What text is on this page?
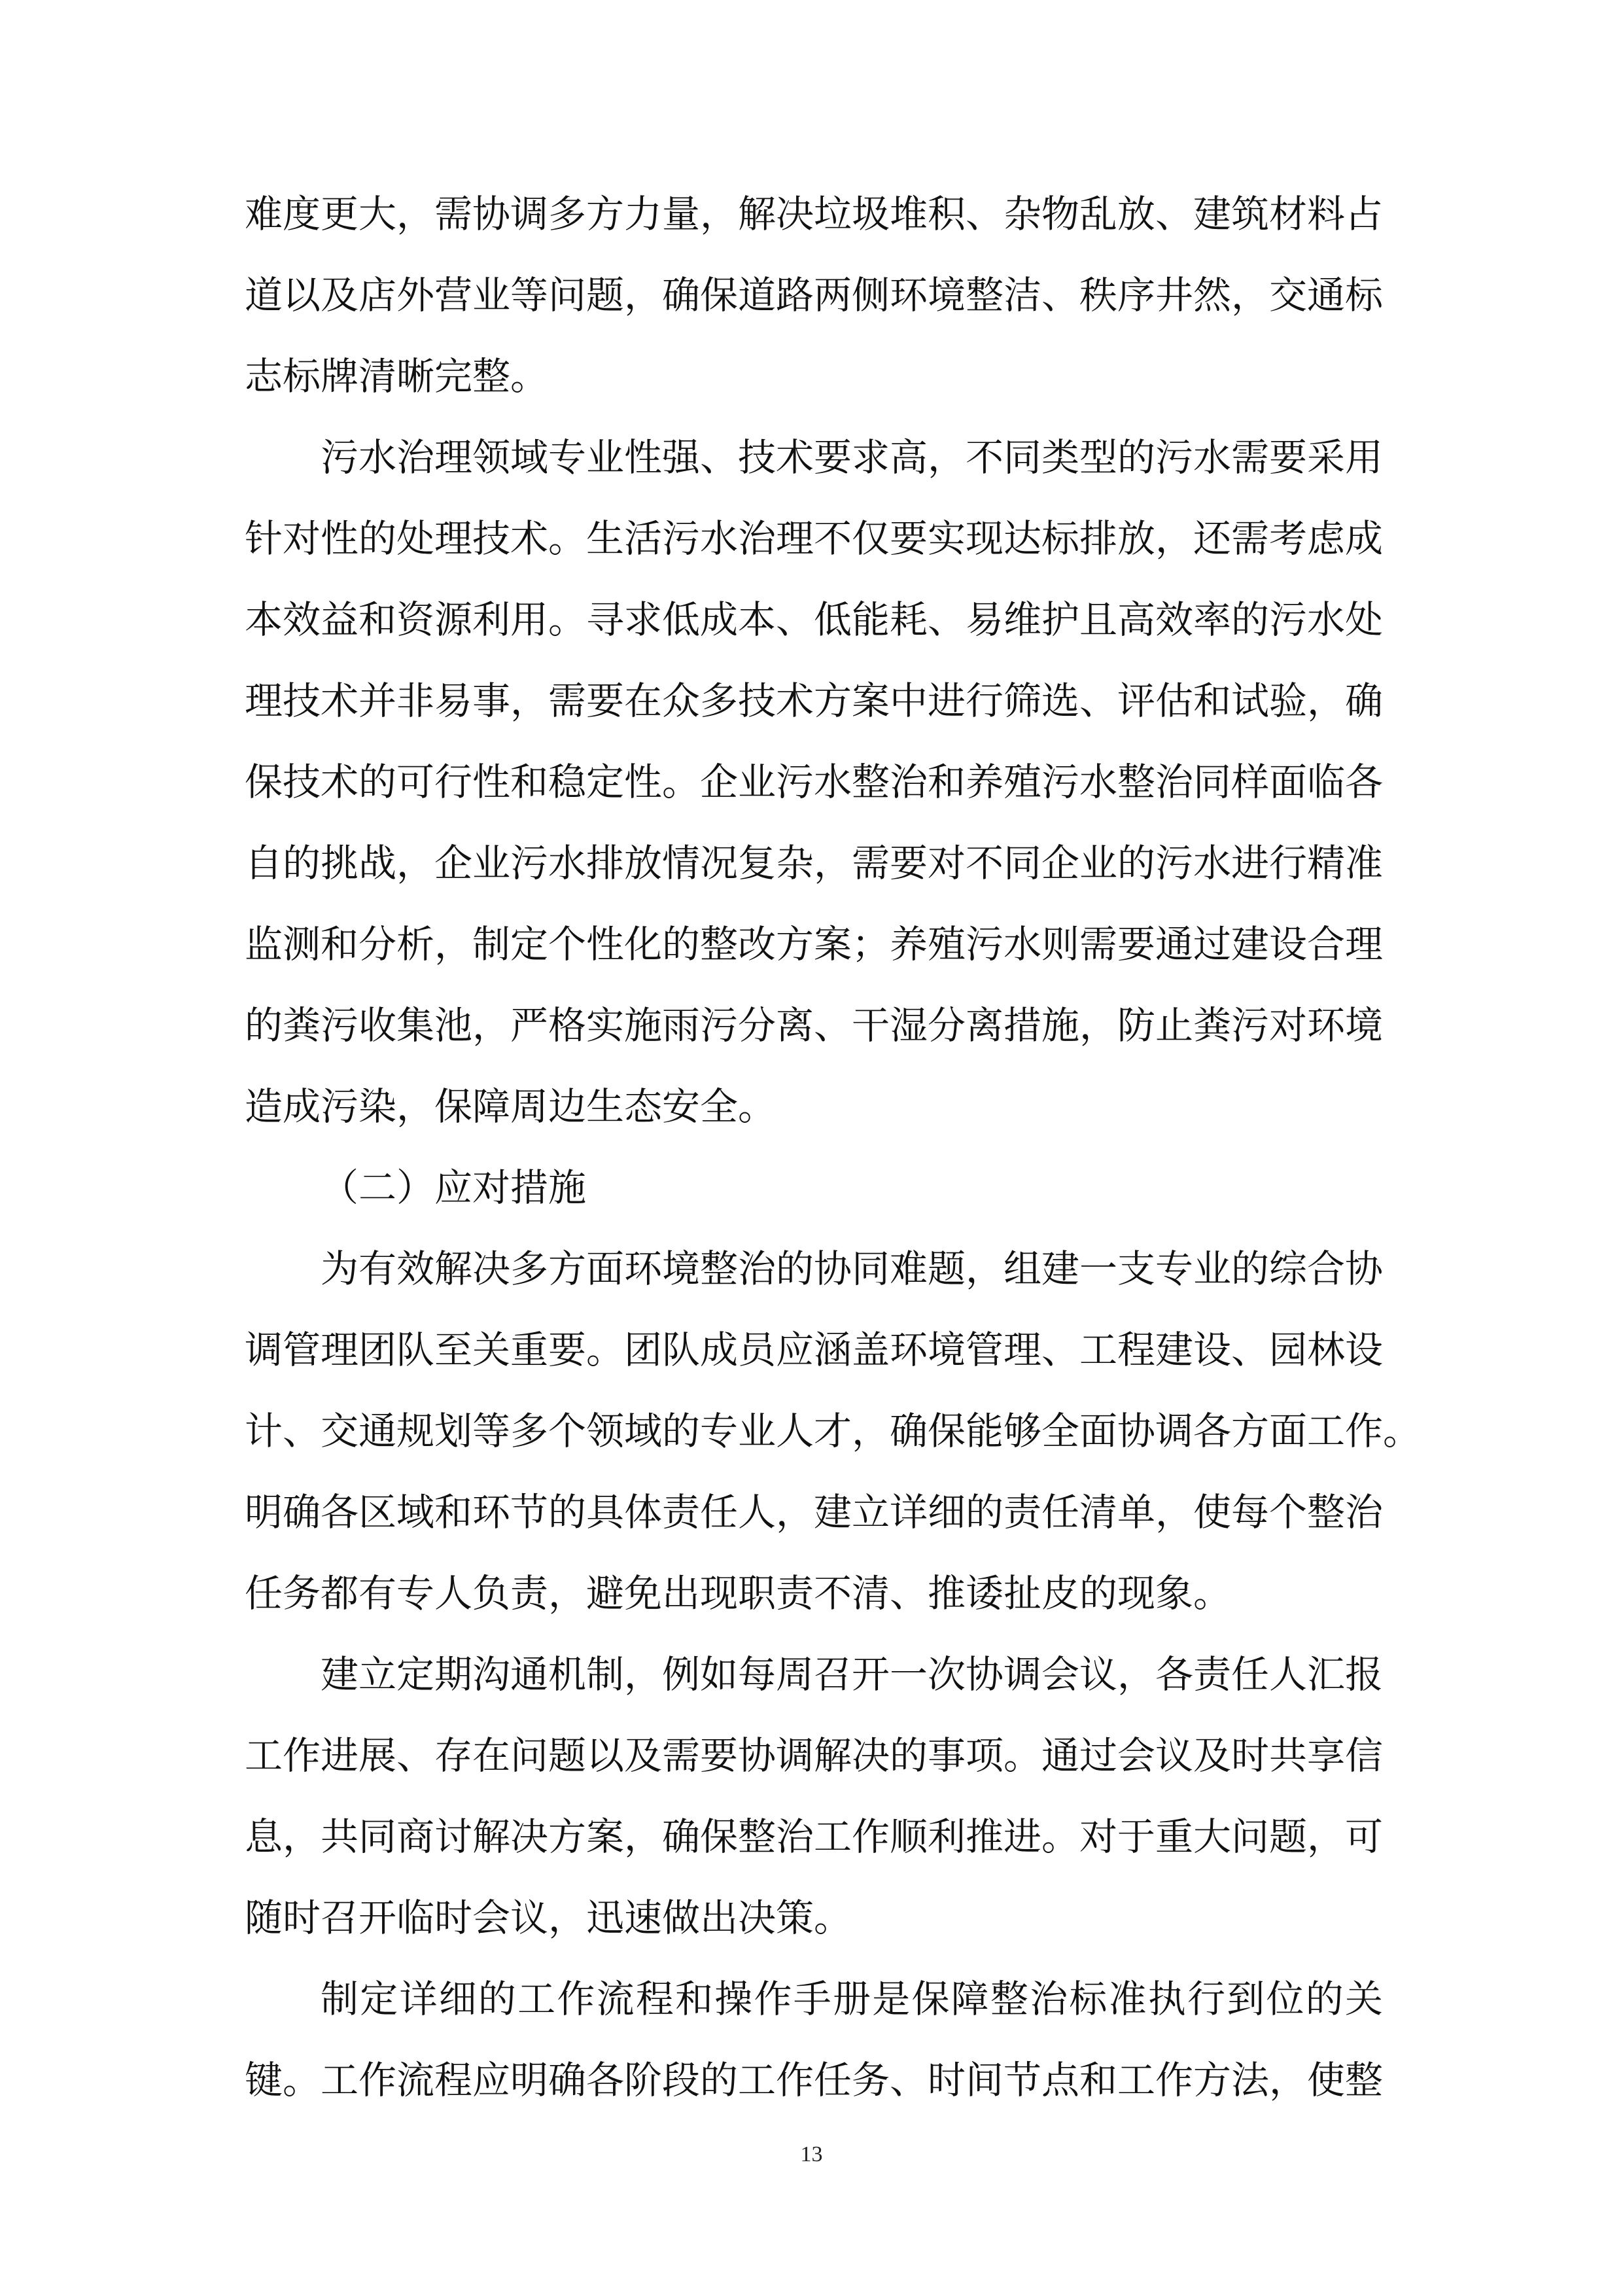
难度更大，需协调多方力量，解决垃圾堆积、杂物乱放、建筑材料占
道以及店外营业等问题，确保道路两侧环境整洁、秩序井然，交通标
志标牌清晰完整。
污水治理领域专业性强、技术要求高，不同类型的污水需要采用
针对性的处理技术。生活污水治理不仅要实现达标排放，还需考虑成
本效益和资源利用。寻求低成本、低能耗、易维护且高效率的污水处
理技术并非易事，需要在众多技术方案中进行筛选、评估和试验，确
保技术的可行性和稳定性。企业污水整治和养殖污水整治同样面临各
自的挑战，企业污水排放情况复杂，需要对不同企业的污水进行精准
监测和分析，制定个性化的整改方案；养殖污水则需要通过建设合理
的粪污收集池，严格实施雨污分离、干湿分离措施，防止粪污对环境
造成污染，保障周边生态安全。
（二）应对措施
为有效解决多方面环境整治的协同难题，组建一支专业的综合协
调管理团队至关重要。团队成员应涵盖环境管理、工程建设、园林设
计、交通规划等多个领域的专业人才，确保能够全面协调各方面工作。
明确各区域和环节的具体责任人，建立详细的责任清单，使每个整治
任务都有专人负责，避免出现职责不清、推诿扯皮的现象。
建立定期沟通机制，例如每周召开一次协调会议，各责任人汇报
工作进展、存在问题以及需要协调解决的事项。通过会议及时共享信
息，共同商讨解决方案，确保整治工作顺利推进。对于重大问题，可
随时召开临时会议，迅速做出决策。
制定详细的工作流程和操作手册是保障整治标准执行到位的关
键。工作流程应明确各阶段的工作任务、时间节点和工作方法，使整
13
